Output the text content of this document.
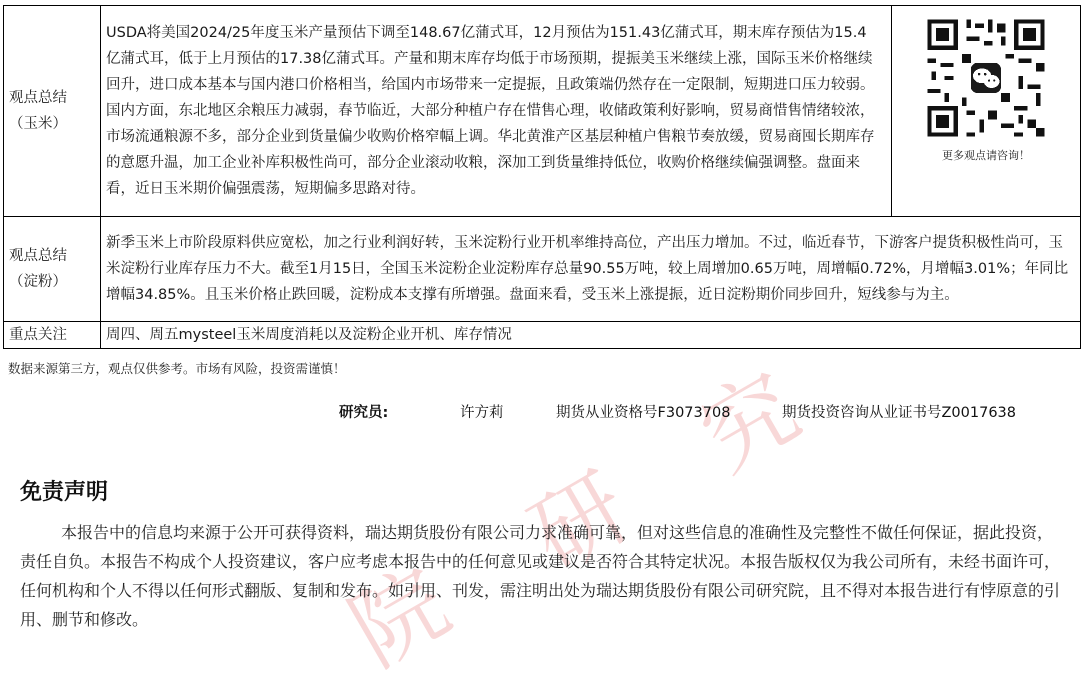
研
究
院
观点总结（玉米）	USDA将美国2024/25年度玉米产量预估下调至148.67亿蒲式耳，12月预估为151.43亿蒲式耳，期末库存预估为15.4亿蒲式耳，低于上月预估的17.38亿蒲式耳。产量和期末库存均低于市场预期，提振美玉米继续上涨，国际玉米价格继续回升，进口成本基本与国内港口价格相当，给国内市场带来一定提振，且政策端仍然存在一定限制，短期进口压力较弱。国内方面，东北地区余粮压力减弱，春节临近，大部分种植户存在惜售心理，收储政策利好影响，贸易商惜售情绪较浓，市场流通粮源不多，部分企业到货量偏少收购价格窄幅上调。华北黄淮产区基层种植户售粮节奏放缓，贸易商囤长期库存的意愿升温，加工企业补库积极性尚可，部分企业滚动收粮，深加工到货量维持低位，收购价格继续偏强调整。盘面来看，近日玉米期价偏强震荡，短期偏多思路对待。	更多观点请咨询！

观点总结（淀粉）	新季玉米上市阶段原料供应宽松，加之行业利润好转，玉米淀粉行业开机率维持高位，产出压力增加。不过，临近春节，下游客户提货积极性尚可，玉米淀粉行业库存压力不大。截至1月15日，全国玉米淀粉企业淀粉库存总量90.55万吨，较上周增加0.65万吨，周增幅0.72%，月增幅3.01%；年同比增幅34.85%。且玉米价格止跌回暖，淀粉成本支撑有所增强。盘面来看，受玉米上涨提振，近日淀粉期价同步回升，短线参与为主。	
重点关注	周四、周五mysteel玉米周度消耗以及淀粉企业开机、库存情况	
数据来源第三方，观点仅供参考。市场有风险，投资需谨慎！
研究员:	许方莉	期货从业资格号F3073708	期货投资咨询从业证书号Z0017638
免责声明
本报告中的信息均来源于公开可获得资料，瑞达期货股份有限公司力求准确可靠，但对这些信息的准确性及完整性不做任何保证，据此投资，责任自负。本报告不构成个人投资建议，客户应考虑本报告中的任何意见或建议是否符合其特定状况。本报告版权仅为我公司所有，未经书面许可，任何机构和个人不得以任何形式翻版、复制和发布。如引用、刊发，需注明出处为瑞达期货股份有限公司研究院，且不得对本报告进行有悖原意的引用、删节和修改。
